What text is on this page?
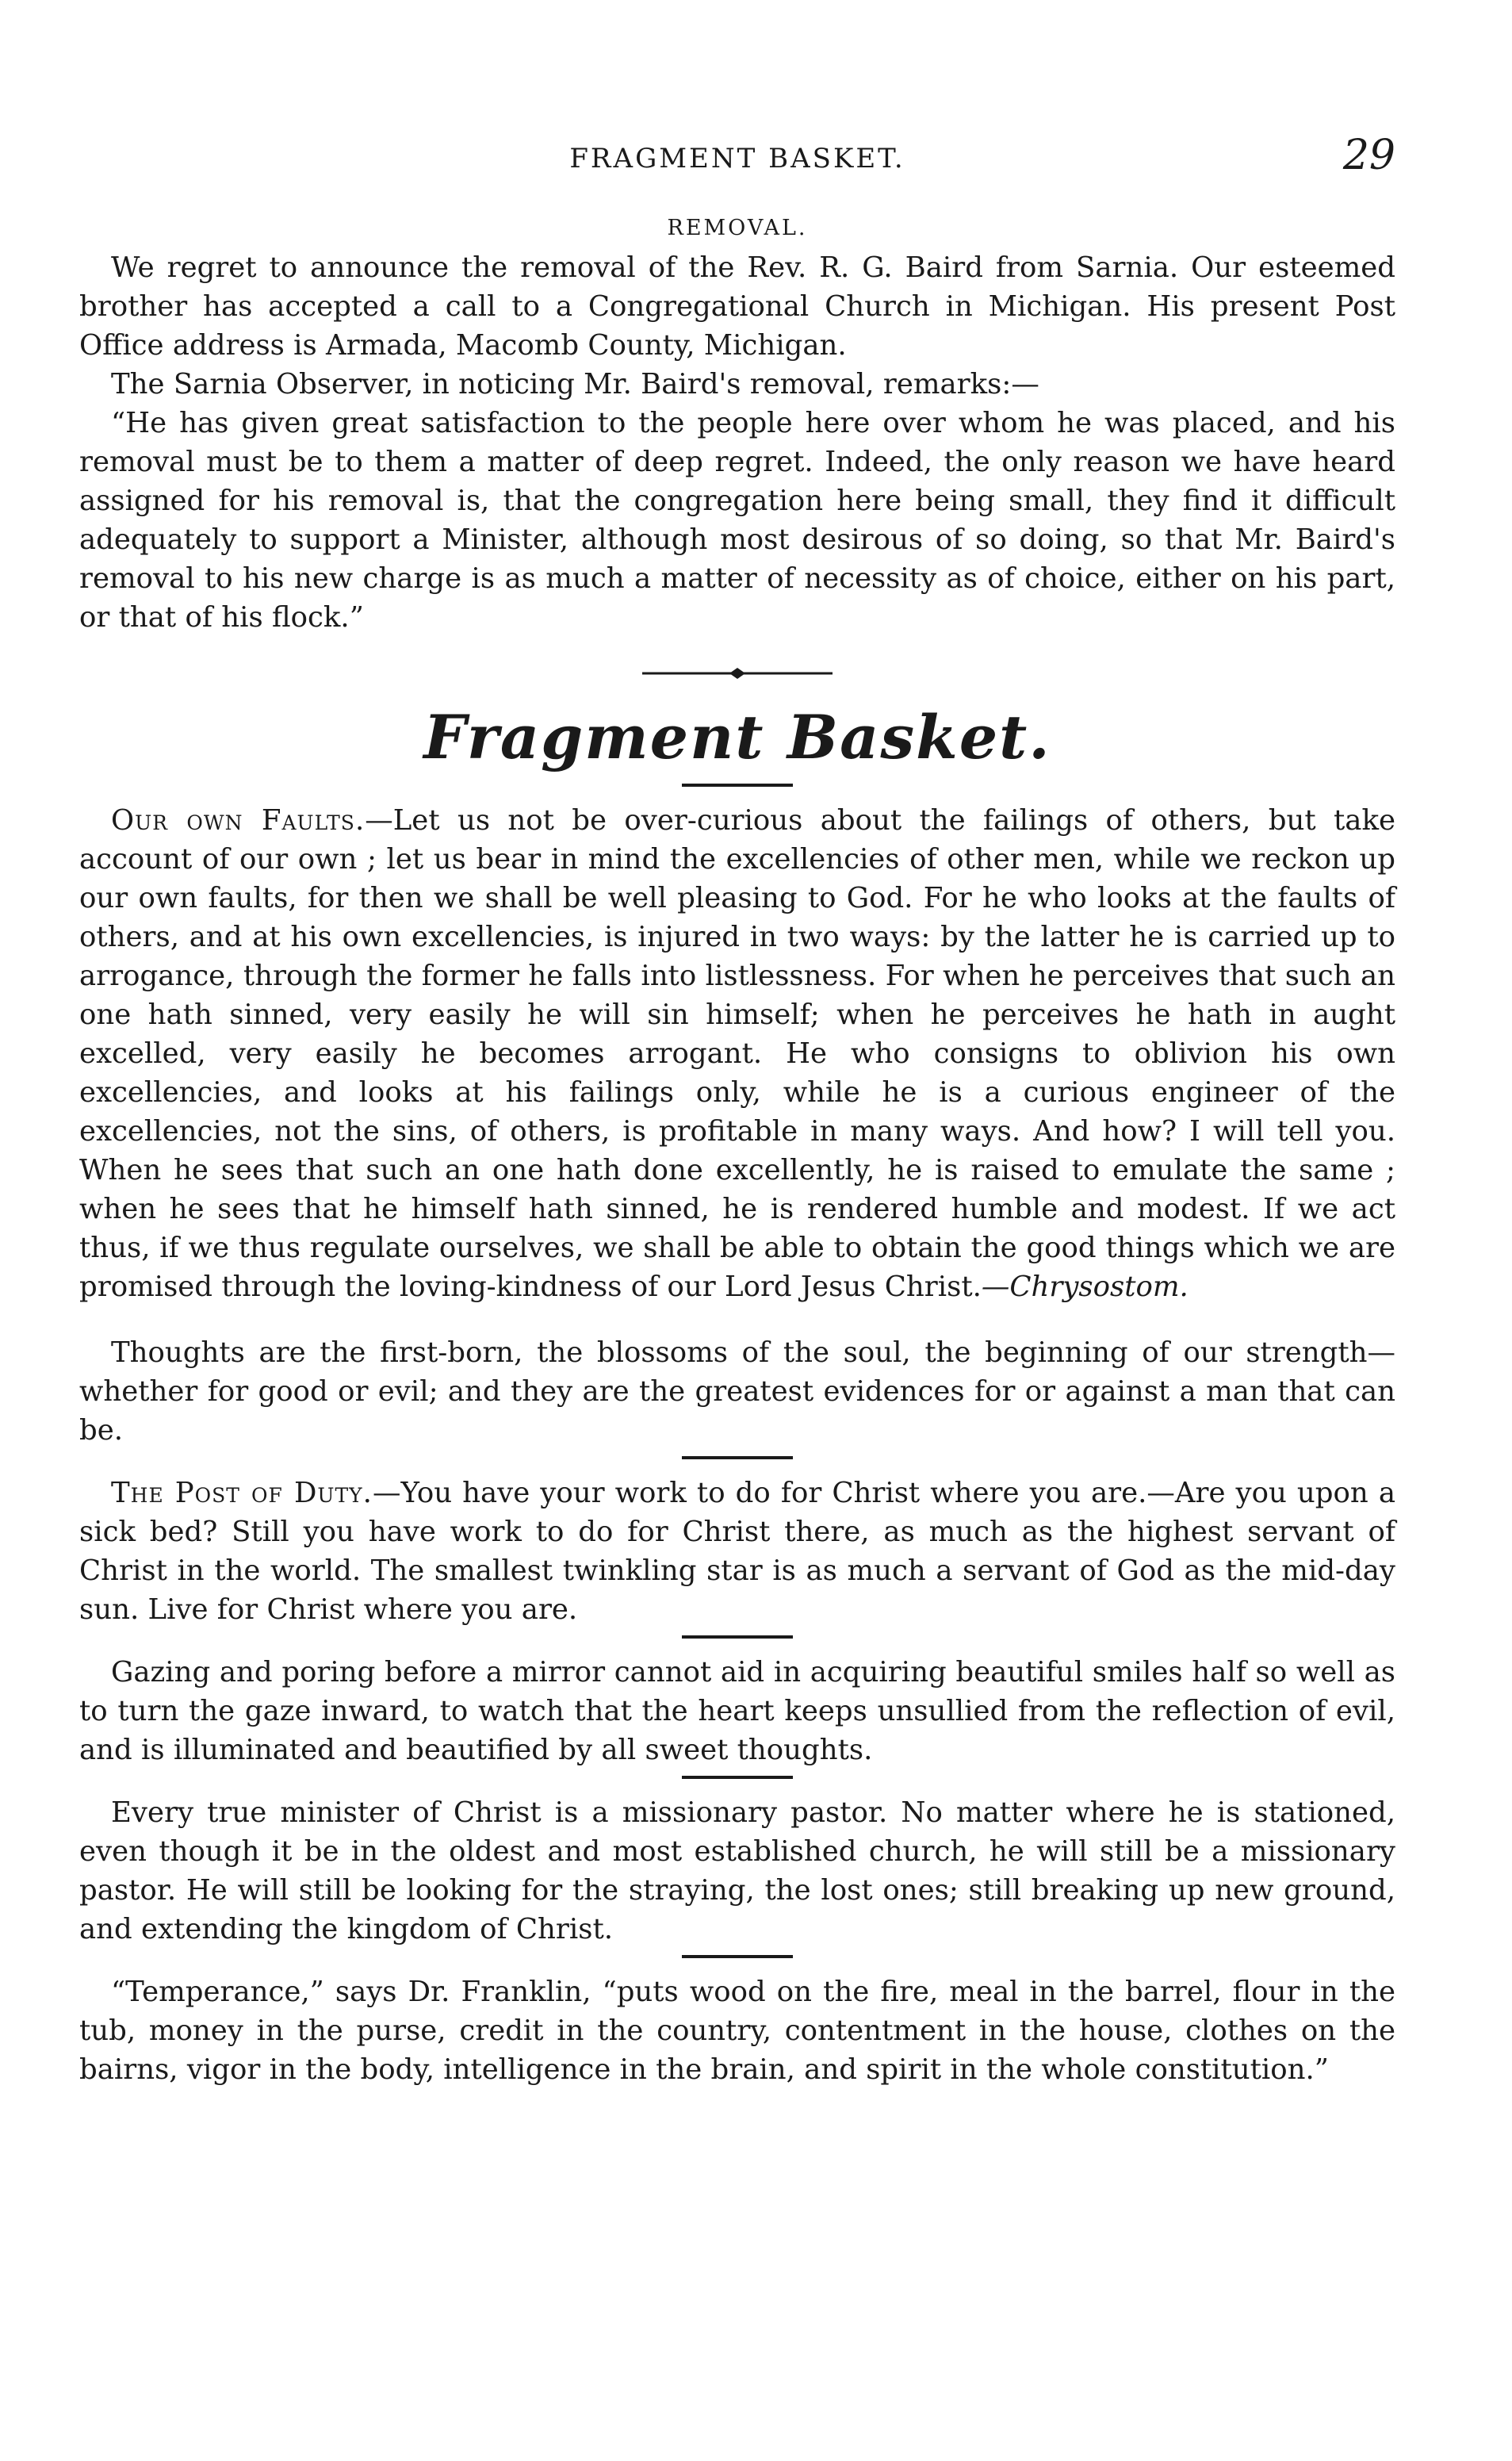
FRAGMENT BASKET.	29
REMOVAL.

We regret to announce the removal of the Rev. R. G. Baird from Sarnia. Our esteemed brother has accepted a call to a Congregational Church in Michigan. His present Post Office address is Armada, Macomb County, Michigan.

The Sarnia Observer, in noticing Mr. Baird's removal, remarks:—

“He has given great satisfaction to the people here over whom he was placed, and his removal must be to them a matter of deep regret. Indeed, the only reason we have heard assigned for his removal is, that the congregation here being small, they find it difficult adequately to support a Minister, although most desirous of so doing, so that Mr. Baird's removal to his new charge is as much a matter of necessity as of choice, either on his part, or that of his flock.”

Fragment Basket.

Our own Faults.—Let us not be over-curious about the failings of others, but take account of our own ; let us bear in mind the excellencies of other men, while we reckon up our own faults, for then we shall be well pleasing to God. For he who looks at the faults of others, and at his own excellencies, is injured in two ways: by the latter he is carried up to arrogance, through the former he falls into listlessness. For when he perceives that such an one hath sinned, very easily he will sin himself; when he perceives he hath in aught excelled, very easily he becomes arrogant. He who consigns to oblivion his own excellencies, and looks at his failings only, while he is a curious engineer of the excellencies, not the sins, of others, is profitable in many ways. And how? I will tell you. When he sees that such an one hath done excellently, he is raised to emulate the same ; when he sees that he himself hath sinned, he is rendered humble and modest. If we act thus, if we thus regulate ourselves, we shall be able to obtain the good things which we are promised through the loving-kindness of our Lord Jesus Christ.—Chrysostom.

Thoughts are the first-born, the blossoms of the soul, the beginning of our strength—whether for good or evil; and they are the greatest evidences for or against a man that can be.

The Post of Duty.—You have your work to do for Christ where you are.—Are you upon a sick bed? Still you have work to do for Christ there, as much as the highest servant of Christ in the world. The smallest twinkling star is as much a servant of God as the mid-day sun. Live for Christ where you are.

Gazing and poring before a mirror cannot aid in acquiring beautiful smiles half so well as to turn the gaze inward, to watch that the heart keeps unsullied from the reflection of evil, and is illuminated and beautified by all sweet thoughts.

Every true minister of Christ is a missionary pastor. No matter where he is stationed, even though it be in the oldest and most established church, he will still be a missionary pastor. He will still be looking for the straying, the lost ones; still breaking up new ground, and extending the kingdom of Christ.

“Temperance,” says Dr. Franklin, “puts wood on the fire, meal in the barrel, flour in the tub, money in the purse, credit in the country, contentment in the house, clothes on the bairns, vigor in the body, intelligence in the brain, and spirit in the whole constitution.”
